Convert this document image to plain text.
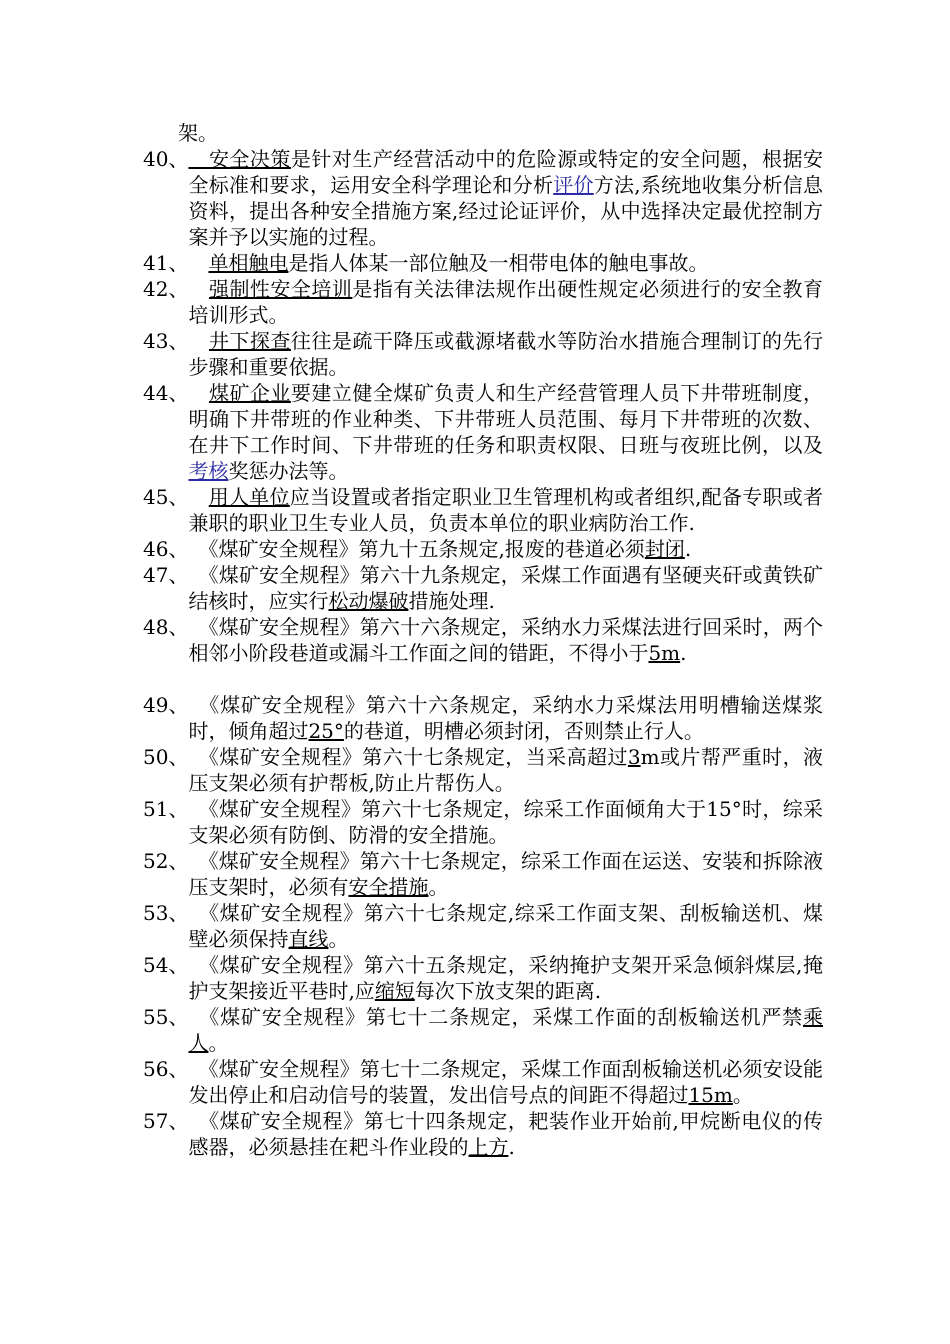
架。
40、 　安全决策是针对生产经营活动中的危险源或特定的安全问题，根据安全标准和要求，运用安全科学理论和分析评价方法,系统地收集分析信息资料，提出各种安全措施方案,经过论证评价，从中选择决定最优控制方案并予以实施的过程。
41、
　	单相触电是指人体某一部位触及一相带电体的触电事故。
42、
　	强制性安全培训是指有关法律法规作出硬性规定必须进行的安全教育培训形式。
43、
　	井下探查往往是疏干降压或截源堵截水等防治水措施合理制订的先行步骤和重要依据。
44、
　	煤矿企业要建立健全煤矿负责人和生产经营管理人员下井带班制度，明确下井带班的作业种类、下井带班人员范围、每月下井带班的次数、在井下工作时间、下井带班的任务和职责权限、日班与夜班比例，以及考核奖惩办法等。
45、
　	用人单位应当设置或者指定职业卫生管理机构或者组织,配备专职或者兼职的职业卫生专业人员，负责本单位的职业病防治工作.
46、 　《煤矿安全规程》第九十五条规定,报废的巷道必须封闭.
47、 　《煤矿安全规程》第六十九条规定，采煤工作面遇有坚硬夹矸或黄铁矿结核时，应实行松动爆破措施处理.
48、 　《煤矿安全规程》第六十六条规定，采纳水力采煤法进行回采时，两个相邻小阶段巷道或漏斗工作面之间的错距，不得小于5m.
49、 　《煤矿安全规程》第六十六条规定，采纳水力采煤法用明槽输送煤浆时，倾角超过25°的巷道，明槽必须封闭，否则禁止行人。
50、 　《煤矿安全规程》第六十七条规定，当采高超过3m或片帮严重时，液压支架必须有护帮板,防止片帮伤人。
51、 　《煤矿安全规程》第六十七条规定，综采工作面倾角大于15°时，综采支架必须有防倒、防滑的安全措施。
52、 　《煤矿安全规程》第六十七条规定，综采工作面在运送、安装和拆除液压支架时，必须有安全措施。
53、 　《煤矿安全规程》第六十七条规定,综采工作面支架、刮板输送机、煤壁必须保持直线。
54、 　《煤矿安全规程》第六十五条规定，采纳掩护支架开采急倾斜煤层,掩护支架接近平巷时,应缩短每次下放支架的距离.
55、 　《煤矿安全规程》第七十二条规定，采煤工作面的刮板输送机严禁乘人。
56、 　《煤矿安全规程》第七十二条规定，采煤工作面刮板输送机必须安设能发出停止和启动信号的装置，发出信号点的间距不得超过15m。
57、 　《煤矿安全规程》第七十四条规定，耙装作业开始前,甲烷断电仪的传感器，必须悬挂在耙斗作业段的上方.
